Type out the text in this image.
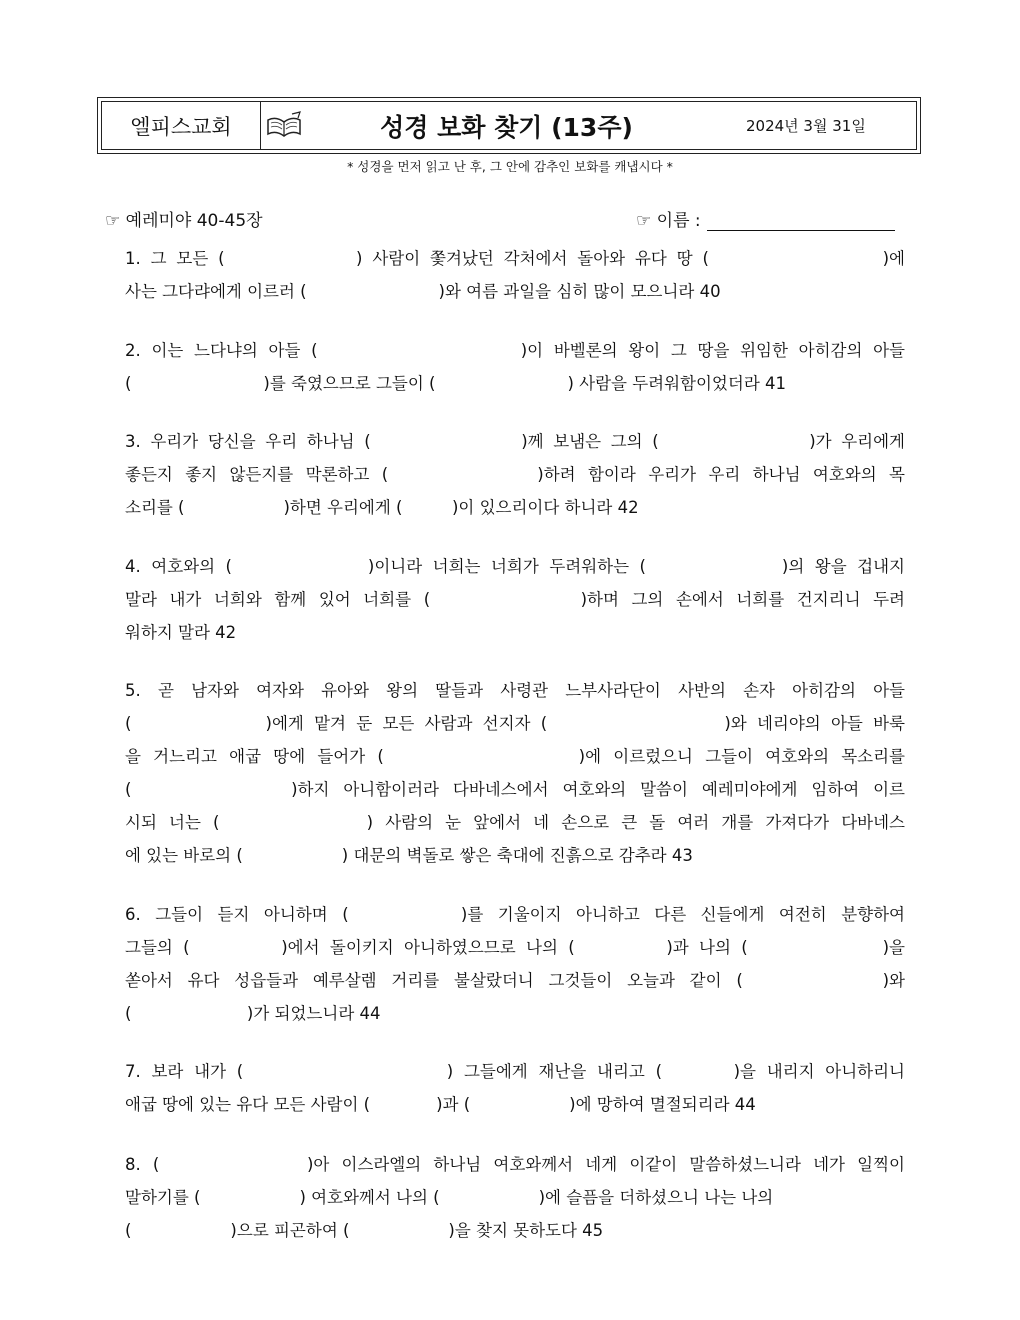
엘피스교회	성경 보화 찾기 (13주)	2024년 3월 31일
* 성경을 먼저 읽고 난 후, 그 안에 감추인 보화를 캐냅시다 *
☞ 예레미야 40-45장	☞ 이름 :
1. 그 모든 (　　　　　　) 사람이 쫓겨났던 각처에서 돌아와 유다 땅 (　　　　　　　　)에
사는 그다랴에게 이르러 (　　　　　　　　)와 여름 과일을 심히 많이 모으니라 40
2. 이는 느다냐의 아들 (　　　　　　　　　)이 바벨론의 왕이 그 땅을 위임한 아히감의 아들
(　　　　　　　　)를 죽였으므로 그들이 (　　　　　　　　) 사람을 두려워함이었더라 41
3. 우리가 당신을 우리 하나님 (　　　　　　　)께 보냄은 그의 (　　　　　　　)가 우리에게
좋든지 좋지 않든지를 막론하고 (　　　　　　)하려 함이라 우리가 우리 하나님 여호와의 목
소리를 (　　　　　　)하면 우리에게 (　　　)이 있으리이다 하니라 42
4. 여호와의 (　　　　　　)이니라 너희는 너희가 두려워하는 (　　　　　　)의 왕을 겁내지
말라 내가 너희와 함께 있어 너희를 (　　　　　　)하며 그의 손에서 너희를 건지리니 두려
워하지 말라 42
5. 곧 남자와 여자와 유아와 왕의 딸들과 사령관 느부사라단이 사반의 손자 아히감의 아들
(　　　　　　)에게 맡겨 둔 모든 사람과 선지자 (　　　　　　　　)와 네리야의 아들 바룩
을 거느리고 애굽 땅에 들어가 (　　　　　　　　)에 이르렀으니 그들이 여호와의 목소리를
(　　　　　　)하지 아니함이러라 다바네스에서 여호와의 말씀이 예레미야에게 임하여 이르
시되 너는 (　　　　　　) 사람의 눈 앞에서 네 손으로 큰 돌 여러 개를 가져다가 다바네스
에 있는 바로의 (　　　　　　) 대문의 벽돌로 쌓은 축대에 진흙으로 감추라 43
6. 그들이 듣지 아니하며 (　　　　)를 기울이지 아니하고 다른 신들에게 여전히 분향하여
그들의 (　　　　)에서 돌이키지 아니하였으므로 나의 (　　　　)과 나의 (　　　　　　)을
쏟아서 유다 성읍들과 예루살렘 거리를 불살랐더니 그것들이 오늘과 같이 (　　　　　)와
(　　　　　　　)가 되었느니라 44
7. 보라 내가 (　　　　　　　　　) 그들에게 재난을 내리고 (　　　)을 내리지 아니하리니
애굽 땅에 있는 유다 모든 사람이 (　　　　)과 (　　　　　　)에 망하여 멸절되리라 44
8. (　　　　　　)아 이스라엘의 하나님 여호와께서 네게 이같이 말씀하셨느니라 네가 일찍이
말하기를 (　　　　　　) 여호와께서 나의 (　　　　　　)에 슬픔을 더하셨으니 나는 나의
(　　　　　　)으로 피곤하여 (　　　　　　)을 찾지 못하도다 45
